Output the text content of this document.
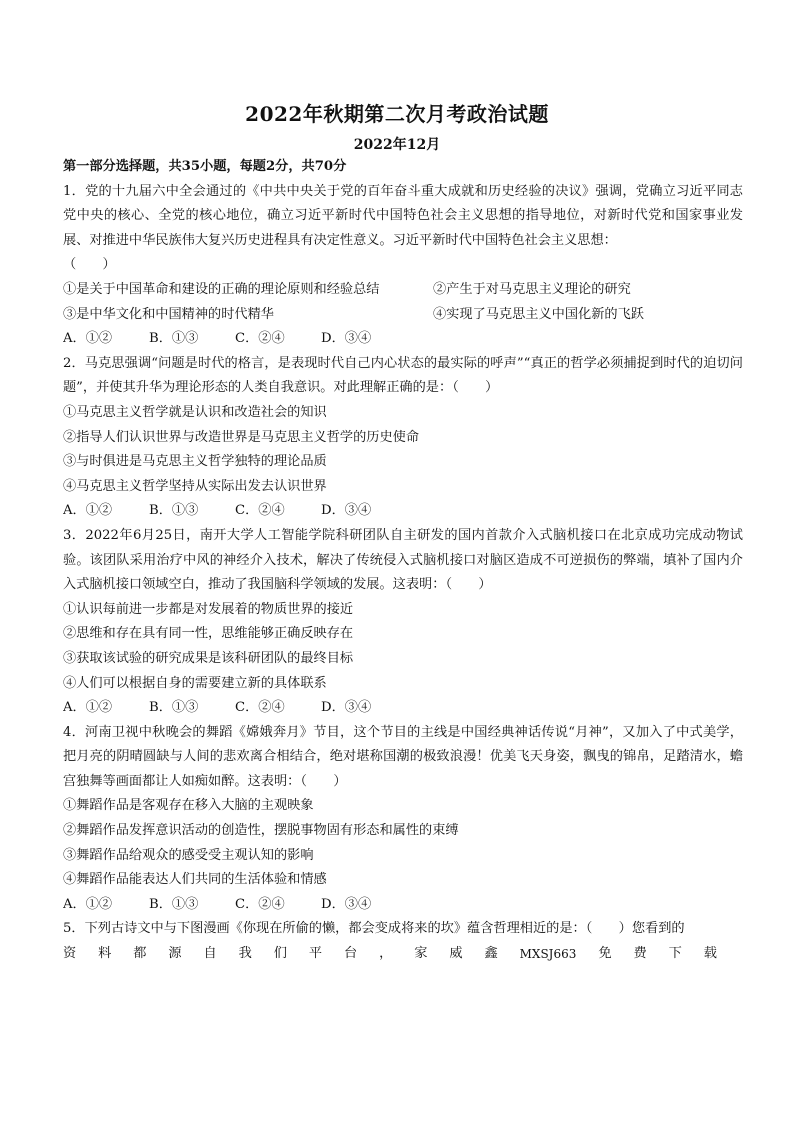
2022年秋期第二次月考政治试题
2022年12月
第一部分选择题，共35小题，每题2分，共70分
1．党的十九届六中全会通过的《中共中央关于党的百年奋斗重大成就和历史经验的决议》强调，党确立习近平同志党中央的核心、全党的核心地位，确立习近平新时代中国特色社会主义思想的指导地位，对新时代党和国家事业发展、对推进中华民族伟大复兴历史进程具有决定性意义。习近平新时代中国特色社会主义思想：
（　　）
①是关于中国革命和建设的正确的理论原则和经验总结	②产生于对马克思主义理论的研究
③是中华文化和中国精神的时代精华	④实现了马克思主义中国化新的飞跃
A．①②	B．①③	C．②④	D．③④
2．马克思强调“问题是时代的格言，是表现时代自己内心状态的最实际的呼声”“真正的哲学必须捕捉到时代的迫切问题”，并使其升华为理论形态的人类自我意识。对此理解正确的是：（　　）
①马克思主义哲学就是认识和改造社会的知识
②指导人们认识世界与改造世界是马克思主义哲学的历史使命
③与时俱进是马克思主义哲学独特的理论品质
④马克思主义哲学坚持从实际出发去认识世界
A．①②	B．①③	C．②④	D．③④
3．2022年6月25日，南开大学人工智能学院科研团队自主研发的国内首款介入式脑机接口在北京成功完成动物试验。该团队采用治疗中风的神经介入技术，解决了传统侵入式脑机接口对脑区造成不可逆损伤的弊端，填补了国内介入式脑机接口领域空白，推动了我国脑科学领域的发展。这表明：（　　）
①认识每前进一步都是对发展着的物质世界的接近
②思维和存在具有同一性，思维能够正确反映存在
③获取该试验的研究成果是该科研团队的最终目标
④人们可以根据自身的需要建立新的具体联系
A．①②	B．①③	C．②④	D．③④
4．河南卫视中秋晚会的舞蹈《嫦娥奔月》节目，这个节目的主线是中国经典神话传说“月神”，又加入了中式美学，把月亮的阴晴圆缺与人间的悲欢离合相结合，绝对堪称国潮的极致浪漫！优美飞天身姿，飘曳的锦帛，足踏清水，蟾宫独舞等画面都让人如痴如醉。这表明：（　　）
①舞蹈作品是客观存在移入大脑的主观映象
②舞蹈作品发挥意识活动的创造性，摆脱事物固有形态和属性的束缚
③舞蹈作品给观众的感受受主观认知的影响
④舞蹈作品能表达人们共同的生活体验和情感
A．①②	B．①③	C．②④	D．③④
5．下列古诗文中与下图漫画《你现在所偷的懒，都会变成将来的坎》蕴含哲理相近的是：（　　）您看到的
资 料 都 源 自 我 们 平 台 ， 家 威 鑫 MXSJ663 免 费 下 载
